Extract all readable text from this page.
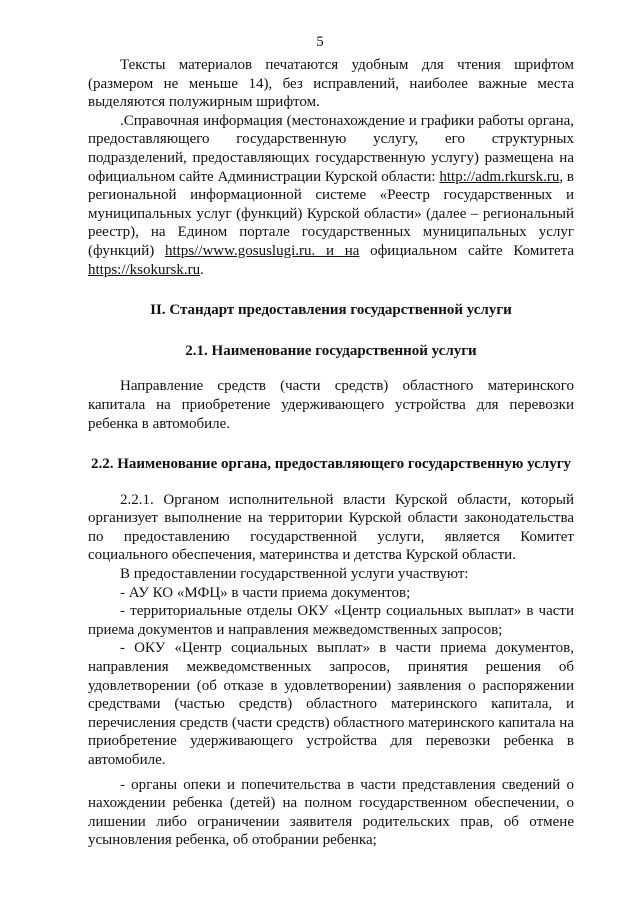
5

Тексты материалов печатаются удобным для чтения шрифтом (размером не меньше 14), без исправлений, наиболее важные места выделяются полужирным шрифтом.

.Справочная информация (местонахождение и графики работы органа, предоставляющего государственную услугу, его структурных подразделений, предоставляющих государственную услугу) размещена на официальном сайте Администрации Курской области: http://adm.rkursk.ru, в региональной информационной системе «Реестр государственных и муниципальных услуг (функций) Курской области» (далее – региональный реестр), на Едином портале государственных муниципальных услуг (функций) https//www.gosuslugi.ru. и на официальном сайте Комитета https://ksokursk.ru.

II. Стандарт предоставления государственной услуги
2.1. Наименование государственной услуги

Направление средств (части средств) областного материнского капитала на приобретение удерживающего устройства для перевозки ребенка в автомобиле.

2.2. Наименование органа, предоставляющего государственную услугу

2.2.1. Органом исполнительной власти Курской области, который организует выполнение на территории Курской области законодательства по предоставлению государственной услуги, является Комитет социального обеспечения, материнства и детства Курской области.

В предоставлении государственной услуги участвуют:

- АУ КО «МФЦ» в части приема документов;

- территориальные отделы ОКУ «Центр социальных выплат» в части приема документов и направления межведомственных запросов;

- ОКУ «Центр социальных выплат» в части приема документов, направления межведомственных запросов, принятия решения об удовлетворении (об отказе в удовлетворении) заявления о распоряжении средствами (частью средств) областного материнского капитала, и перечисления средств (части средств) областного материнского капитала на приобретение удерживающего устройства для перевозки ребенка в автомобиле.

- органы опеки и попечительства в части представления сведений о нахождении ребенка (детей) на полном государственном обеспечении, о лишении либо ограничении заявителя родительских прав, об отмене усыновления ребенка, об отобрании ребенка;
